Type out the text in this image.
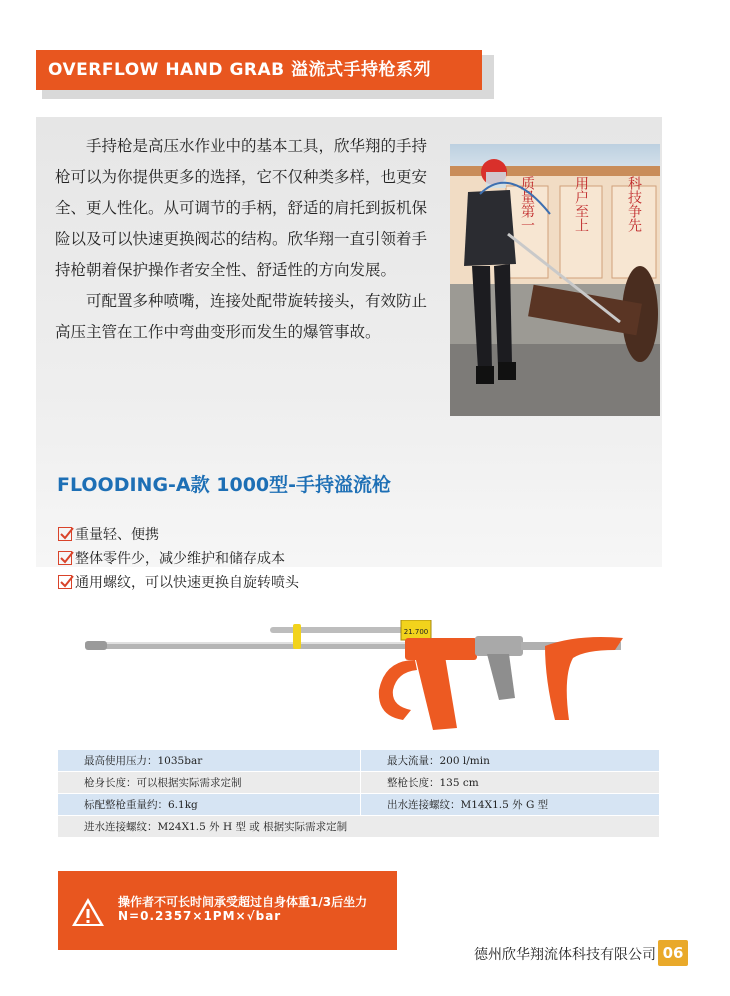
OVERFLOW HAND GRAB 溢流式手持枪系列

手持枪是高压水作业中的基本工具，欣华翔的手持枪可以为你提供更多的选择，它不仅种类多样，也更安全、更人性化。从可调节的手柄，舒适的肩托到扳机保险以及可以快速更换阀芯的结构。欣华翔一直引领着手持枪朝着保护操作者安全性、舒适性的方向发展。

可配置多种喷嘴，连接处配带旋转接头，有效防止高压主管在工作中弯曲变形而发生的爆管事故。

质量第一	用户至上	科技争先
FLOODING-A款 1000型-手持溢流枪
重量轻、便携
整体零件少，减少维护和储存成本
通用螺纹，可以快速更换自旋转喷头
21.700
最高使用压力：1035bar	最大流量：200 l/min
枪身长度：可以根据实际需求定制	整枪长度：135 cm
标配整枪重量约：6.1kg	出水连接螺纹：M14X1.5 外 G 型
进水连接螺纹：M24X1.5 外 H 型 或 根据实际需求定制	
操作者不可长时间承受超过自身体重1/3后坐力
N=0.2357×1PM×√bar
德州欣华翔流体科技有限公司 06
